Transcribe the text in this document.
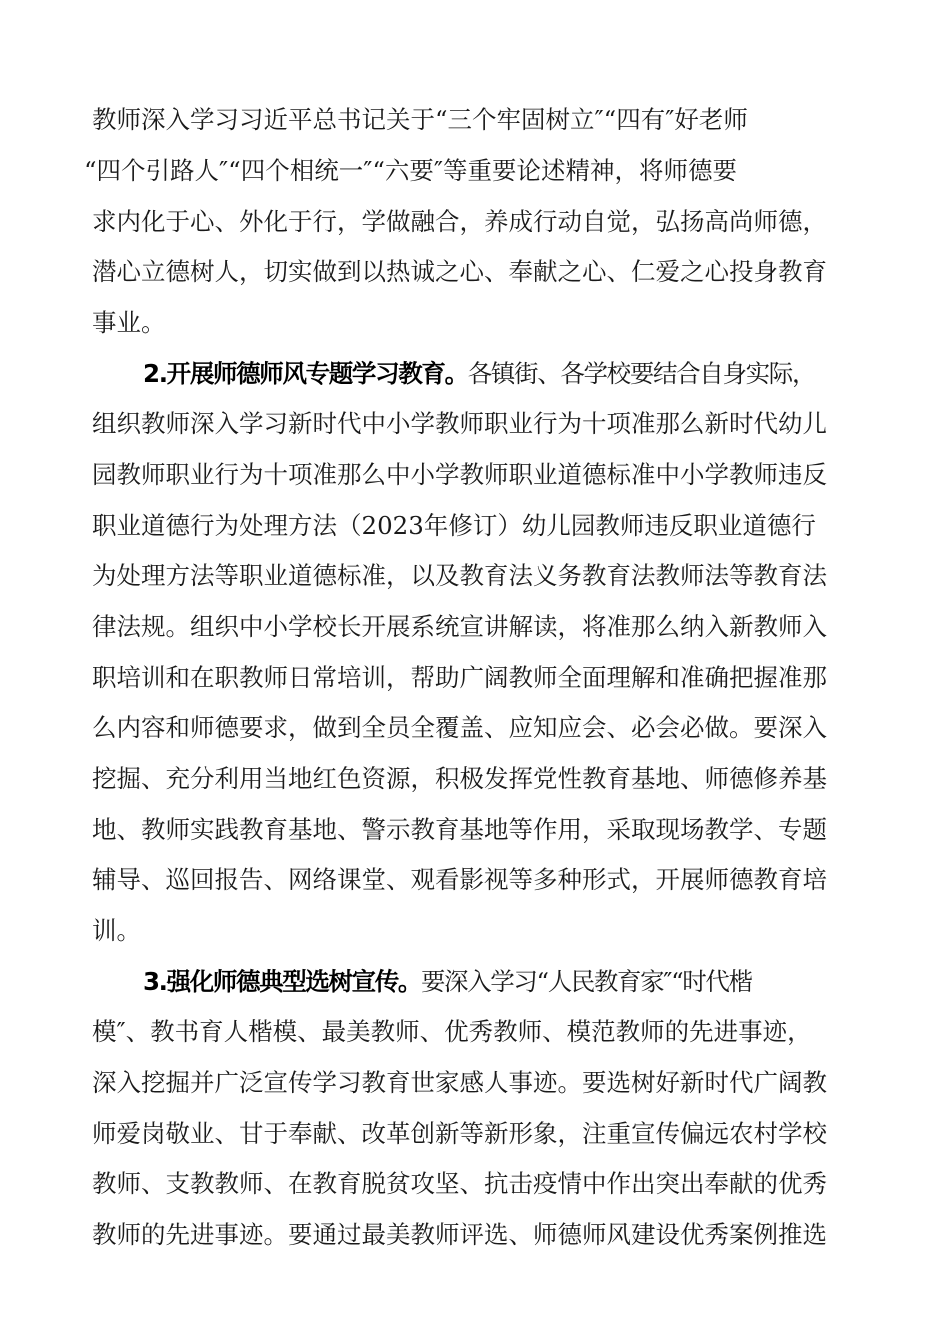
教师深入学习习近平总书记关于“三个牢固树立″“四有″好老师
“四个引路人″“四个相统一″“六要″等重要论述精神，将师德要
求内化于心、外化于行，学做融合，养成行动自觉，弘扬高尚师德，
潜心立德树人，切实做到以热诚之心、奉献之心、仁爱之心投身教育
事业。
2.开展师德师风专题学习教育。各镇街、各学校要结合自身实际，
组织教师深入学习新时代中小学教师职业行为十项准那么新时代幼儿
园教师职业行为十项准那么中小学教师职业道德标准中小学教师违反
职业道德行为处理方法（2023年修订）幼儿园教师违反职业道德行
为处理方法等职业道德标准，以及教育法义务教育法教师法等教育法
律法规。组织中小学校长开展系统宣讲解读，将准那么纳入新教师入
职培训和在职教师日常培训，帮助广阔教师全面理解和准确把握准那
么内容和师德要求，做到全员全覆盖、应知应会、必会必做。要深入
挖掘、充分利用当地红色资源，积极发挥党性教育基地、师德修养基
地、教师实践教育基地、警示教育基地等作用，采取现场教学、专题
辅导、巡回报告、网络课堂、观看影视等多种形式，开展师德教育培
训。
3.强化师德典型选树宣传。要深入学习“人民教育家″“时代楷
模″、教书育人楷模、最美教师、优秀教师、模范教师的先进事迹，
深入挖掘并广泛宣传学习教育世家感人事迹。要选树好新时代广阔教
师爱岗敬业、甘于奉献、改革创新等新形象，注重宣传偏远农村学校
教师、支教教师、在教育脱贫攻坚、抗击疫情中作出突出奉献的优秀
教师的先进事迹。要通过最美教师评选、师德师风建设优秀案例推选
